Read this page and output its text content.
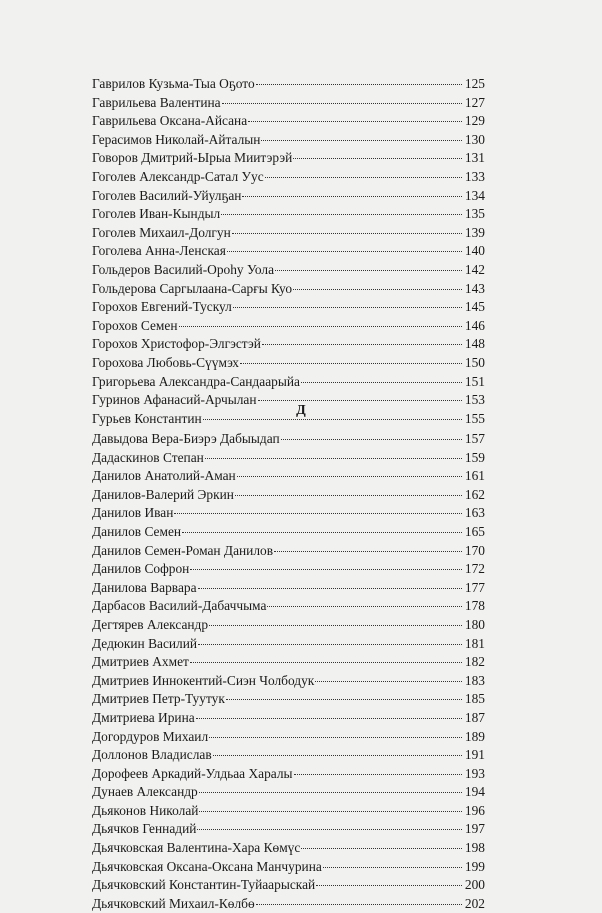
Гаврилов Кузьма-Тыа Оҕото	125
Гаврильева Валентина	127
Гаврильева Оксана-Айсана	129
Герасимов Николай-Айталын	130
Говоров Дмитрий-Ырыа Миитэрэй	131
Гоголев Александр-Сатал Уус	133
Гоголев Василий-Уйулҕан	134
Гоголев Иван-Кындыл	135
Гоголев Михаил-Долгун	139
Гоголева Анна-Ленская	140
Гольдеров Василий-Ороһу Уола	142
Гольдерова Саргылаана-Сарғы Куо	143
Горохов Евгений-Тускул	145
Горохов Семен	146
Горохов Христофор-Элгэстэй	148
Горохова Любовь-Сүүмэх	150
Григорьева Александра-Сандаарыйа	151
Гуринов Афанасий-Арчылан	153
Гурьев Константин	155
Д
Давыдова Вера-Биэрэ Дабыыдап	157
Дадаскинов Степан	159
Данилов Анатолий-Аман	161
Данилов-Валерий Эркин	162
Данилов Иван	163
Данилов Семен	165
Данилов Семен-Роман Данилов	170
Данилов Софрон	172
Данилова Варвара	177
Дарбасов Василий-Дабаччыма	178
Дегтярев Александр	180
Дедюкин Василий	181
Дмитриев Ахмет	182
Дмитриев Иннокентий-Сиэн Чолбодук	183
Дмитриев Петр-Туутук	185
Дмитриева Ирина	187
Догордуров Михаил	189
Доллонов Владислав	191
Дорофеев Аркадий-Улдьаа Харалы	193
Дунаев Александр	194
Дьяконов Николай	196
Дьячков Геннадий	197
Дьячковская Валентина-Хара Көмүс	198
Дьячковская Оксана-Оксана Манчурина	199
Дьячковский Константин-Туйаарыскай	200
Дьячковский Михаил-Көлбө	202
